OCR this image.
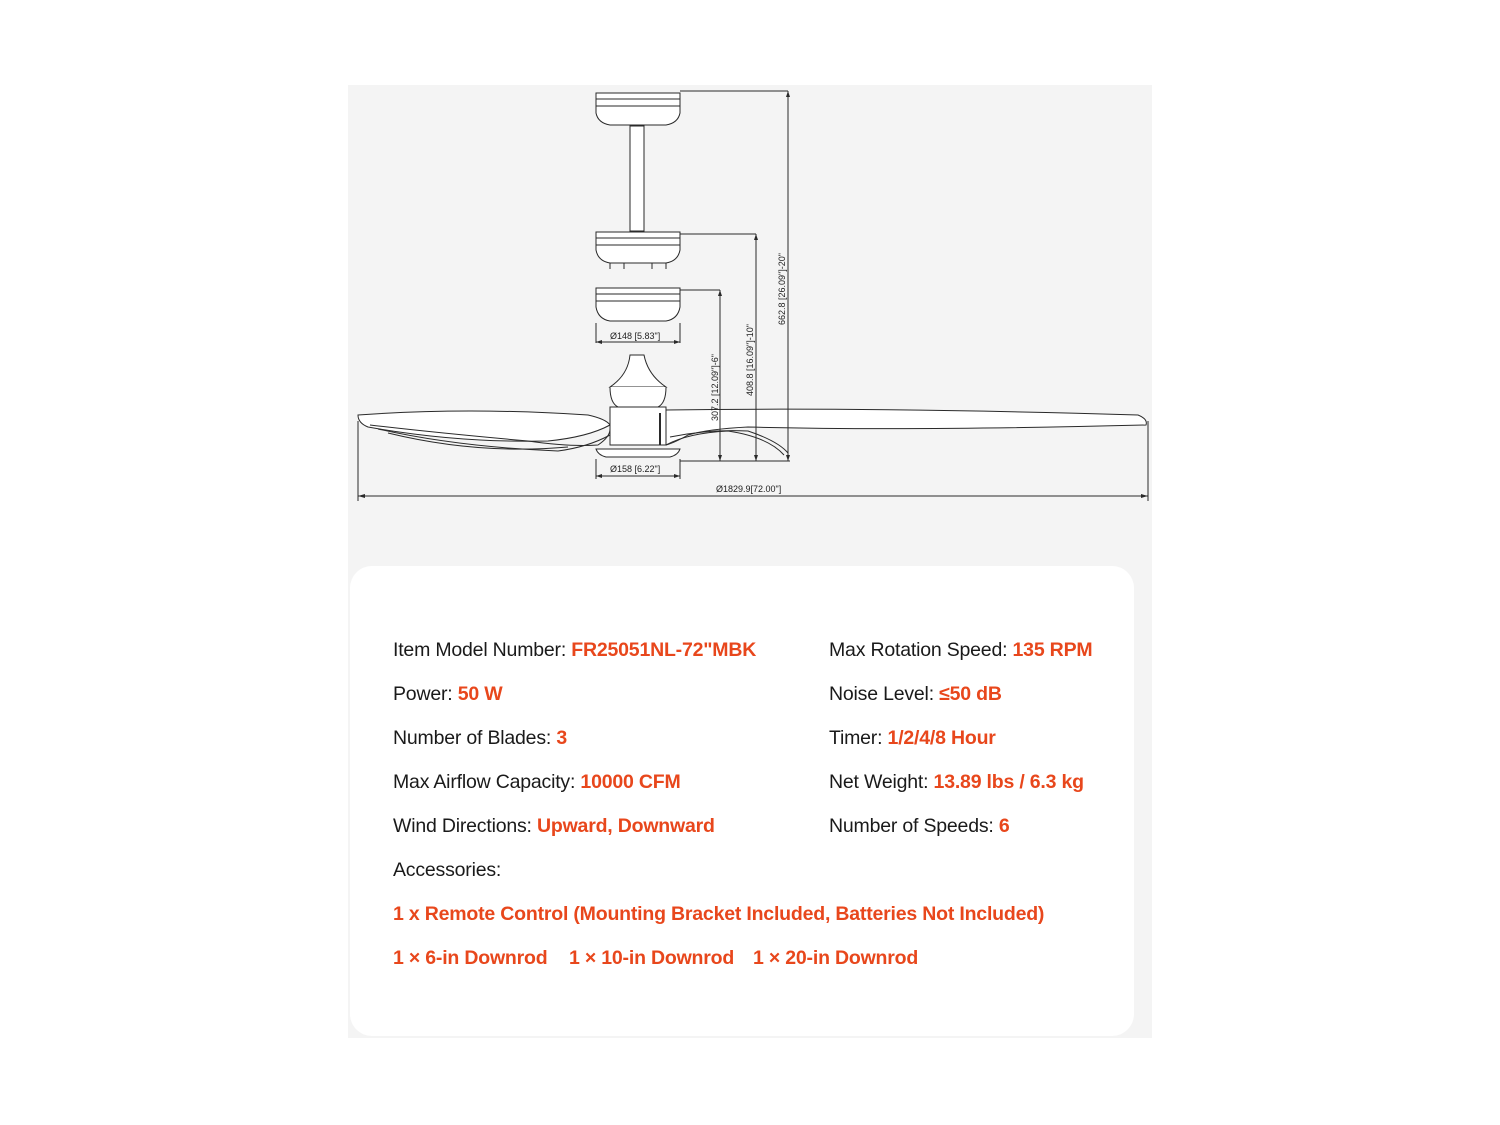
Ø148 [5.83"]
Ø158 [6.22"]
Ø1829.9[72.00"]
307.2 [12.09"]-6"	408.8 [16.09"]-10"
662.8 [26.09"]-20"
Item Model Number: FR25051NL-72"MBK
Power: 50 W
Number of Blades: 3
Max Airflow Capacity: 10000 CFM
Wind Directions: Upward, Downward
Max Rotation Speed: 135 RPM
Noise Level: ≤50 dB
Timer: 1/2/4/8 Hour
Net Weight: 13.89 lbs / 6.3 kg
Number of Speeds: 6
Accessories:
1 x Remote Control (Mounting Bracket Included, Batteries Not Included)
1 × 6-in Downrod 1 × 10-in Downrod 1 × 20-in Downrod
